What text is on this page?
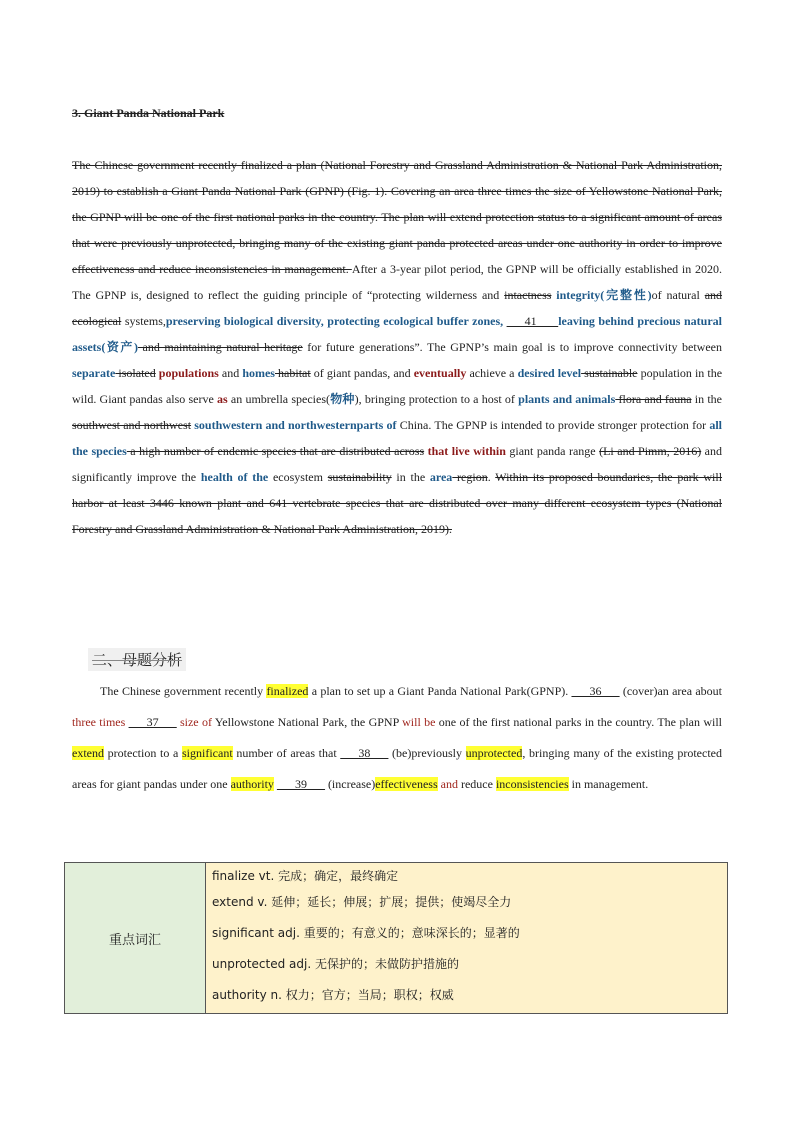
3. Giant Panda National Park
The Chinese government recently finalized a plan (National Forestry and Grassland Administration & National Park Administration, 2019) to establish a Giant Panda National Park (GPNP) (Fig. 1). Covering an area three times the size of Yellowstone National Park, the GPNP will be one of the first national parks in the country. The plan will extend protection status to a significant amount of areas that were previously unprotected, bringing many of the existing giant panda protected areas under one authority in order to improve effectiveness and reduce inconsistencies in management. After a 3-year pilot period, the GPNP will be officially established in 2020. The GPNP is, designed to reflect the guiding principle of “protecting wilderness and intactness integrity(完整性)of natural and ecological systems,preserving biological diversity, protecting ecological buffer zones, ___41___ leaving behind precious natural assets(资产) and maintaining natural heritage for future generations”. The GPNP’s main goal is to improve connectivity between separate isolated populations and homes habitat of giant pandas, and eventually achieve a desired level sustainable population in the wild. Giant pandas also serve as an umbrella species(物种), bringing protection to a host of plants and animals flora and fauna in the southwest and northwest southwestern and northwesternparts of China. The GPNP is intended to provide stronger protection for all the species a high number of endemic species that are distributed across that live within giant panda range (Li and Pimm, 2016) and significantly improve the health of the ecosystem sustainability in the area region. Within its proposed boundaries, the park will harbor at least 3446 known plant and 641 vertebrate species that are distributed over many different ecosystem types (National Forestry and Grassland Administration & National Park Administration, 2019).
二、母题分析
The Chinese government recently finalized a plan to set up a Giant Panda National Park(GPNP). ___36___ (cover)an area about three times ___37___ size of Yellowstone National Park, the GPNP will be one of the first national parks in the country. The plan will extend protection to a significant number of areas that ___38___ (be)previously unprotected, bringing many of the existing protected areas for giant pandas under one authority ___39___ (increase)effectiveness and reduce inconsistencies in management.
重点词汇	
finalize vt. 完成；确定，最终确定
extend v. 延伸；延长；伸展；扩展；提供；使竭尽全力
significant adj. 重要的；有意义的；意味深长的；显著的
unprotected adj. 无保护的；未做防护措施的
authority n. 权力；官方；当局；职权；权威
